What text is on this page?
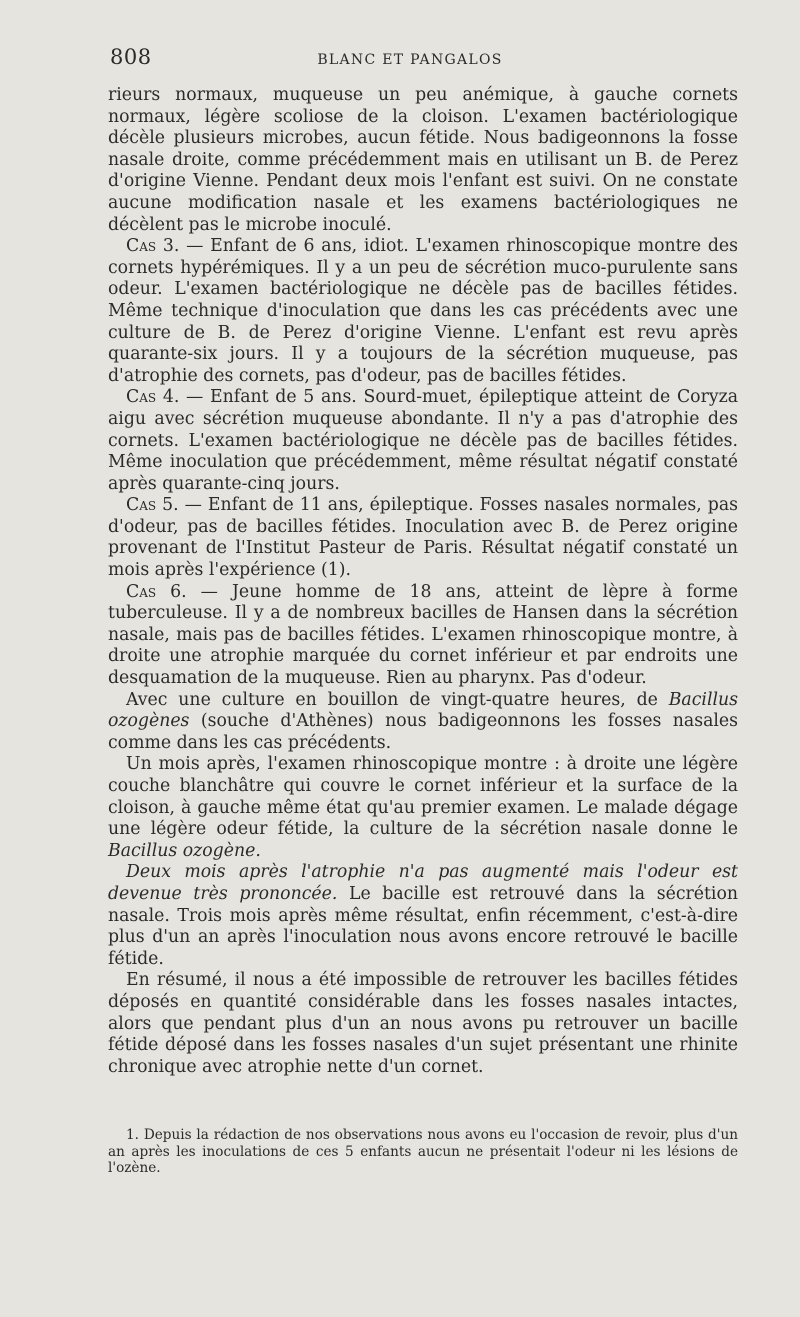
808	BLANC ET PANGALOS

rieurs normaux, muqueuse un peu anémique, à gauche cornets normaux, légère scoliose de la cloison. L'examen bactériologique décèle plusieurs microbes, aucun fétide. Nous badigeonnons la fosse nasale droite, comme précédemment mais en utilisant un B. de Perez d'origine Vienne. Pendant deux mois l'enfant est suivi. On ne constate aucune modification nasale et les examens bactériologiques ne décèlent pas le microbe inoculé.

Cas 3. — Enfant de 6 ans, idiot. L'examen rhinoscopique montre des cornets hypérémiques. Il y a un peu de sécrétion muco-purulente sans odeur. L'examen bactériologique ne décèle pas de bacilles fétides. Même technique d'inoculation que dans les cas précédents avec une culture de B. de Perez d'origine Vienne. L'enfant est revu après quarante-six jours. Il y a toujours de la sécrétion muqueuse, pas d'atrophie des cornets, pas d'odeur, pas de bacilles fétides.

Cas 4. — Enfant de 5 ans. Sourd-muet, épileptique atteint de Coryza aigu avec sécrétion muqueuse abondante. Il n'y a pas d'atrophie des cornets. L'examen bactériologique ne décèle pas de bacilles fétides. Même inoculation que précédemment, même résultat négatif constaté après quarante-cinq jours.

Cas 5. — Enfant de 11 ans, épileptique. Fosses nasales normales, pas d'odeur, pas de bacilles fétides. Inoculation avec B. de Perez origine provenant de l'Institut Pasteur de Paris. Résultat négatif constaté un mois après l'expérience (1).

Cas 6. — Jeune homme de 18 ans, atteint de lèpre à forme tuberculeuse. Il y a de nombreux bacilles de Hansen dans la sécrétion nasale, mais pas de bacilles fétides. L'examen rhinoscopique montre, à droite une atrophie marquée du cornet inférieur et par endroits une desquamation de la muqueuse. Rien au pharynx. Pas d'odeur.

Avec une culture en bouillon de vingt-quatre heures, de Bacillus ozogènes (souche d'Athènes) nous badigeonnons les fosses nasales comme dans les cas précédents.

Un mois après, l'examen rhinoscopique montre : à droite une légère couche blanchâtre qui couvre le cornet inférieur et la surface de la cloison, à gauche même état qu'au premier examen. Le malade dégage une légère odeur fétide, la culture de la sécrétion nasale donne le Bacillus ozogène.

Deux mois après l'atrophie n'a pas augmenté mais l'odeur est devenue très prononcée. Le bacille est retrouvé dans la sécrétion nasale. Trois mois après même résultat, enfin récemment, c'est-à-dire plus d'un an après l'inoculation nous avons encore retrouvé le bacille fétide.

En résumé, il nous a été impossible de retrouver les bacilles fétides déposés en quantité considérable dans les fosses nasales intactes, alors que pendant plus d'un an nous avons pu retrouver un bacille fétide déposé dans les fosses nasales d'un sujet présentant une rhinite chronique avec atrophie nette d'un cornet.

1. Depuis la rédaction de nos observations nous avons eu l'occasion de revoir, plus d'un an après les inoculations de ces 5 enfants aucun ne présentait l'odeur ni les lésions de l'ozène.
